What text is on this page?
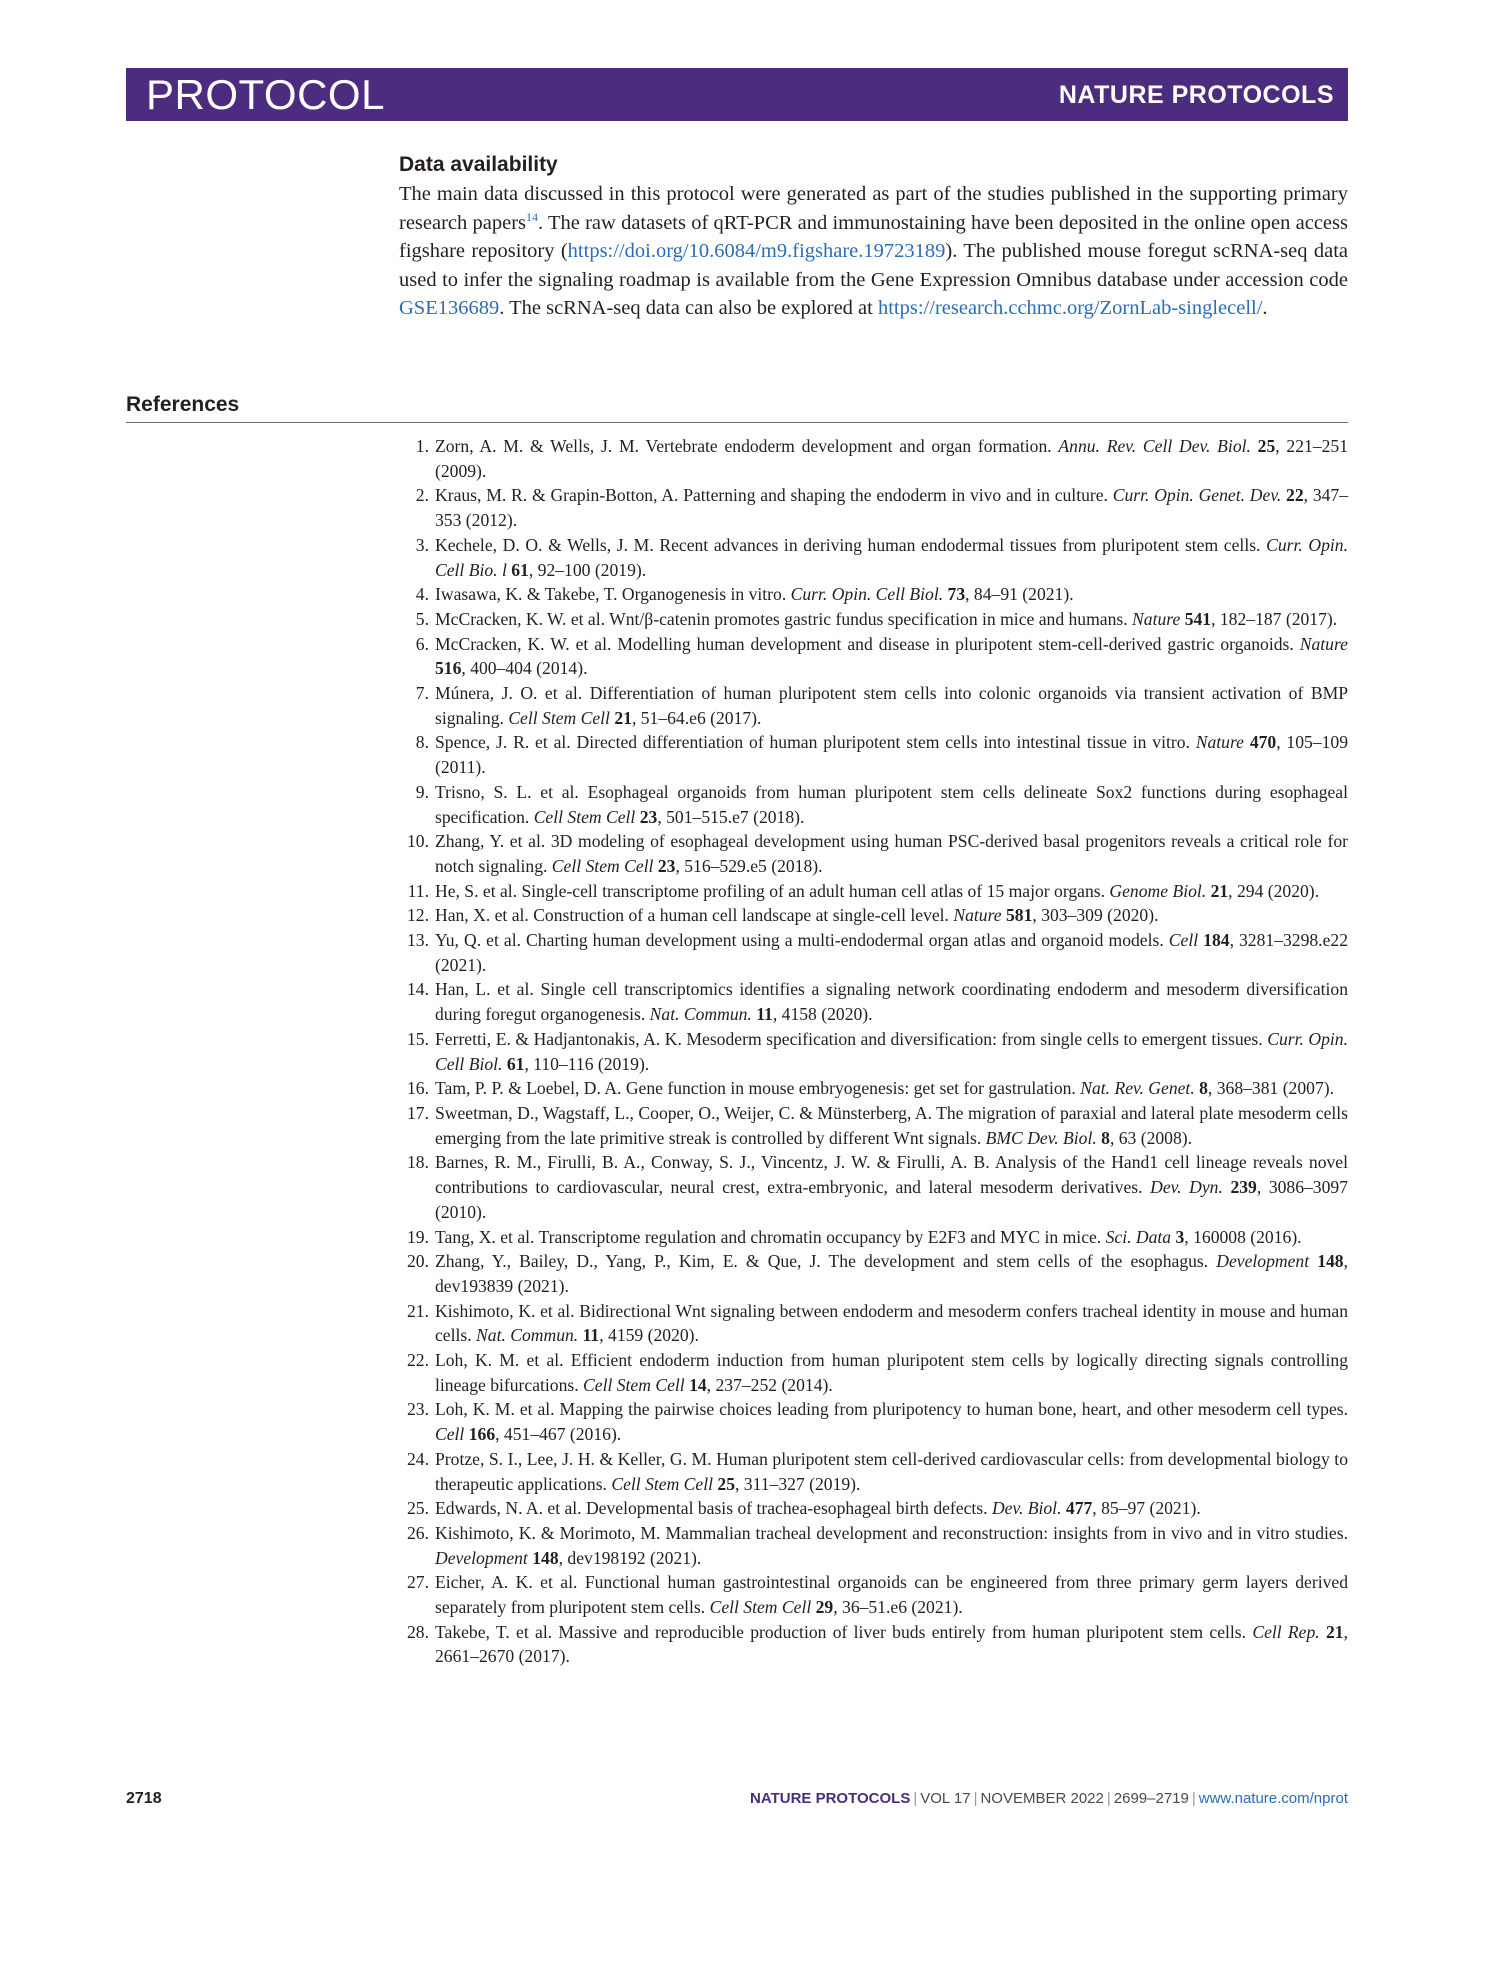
PROTOCOL	NATURE PROTOCOLS
Data availability

The main data discussed in this protocol were generated as part of the studies published in the supporting primary research papers$^{14}$. The raw datasets of qRT-PCR and immunostaining have been deposited in the online open access figshare repository (https://doi.org/10.6084/m9.figshare.19723189). The published mouse foregut scRNA-seq data used to infer the signaling roadmap is available from the Gene Expression Omnibus database under accession code GSE136689. The scRNA-seq data can also be explored at https://research.cchmc.org/ZornLab-singlecell/.

References
1. Zorn, A. M. & Wells, J. M. Vertebrate endoderm development and organ formation. Annu. Rev. Cell Dev. Biol. 25, 221–251 (2009).
2. Kraus, M. R. & Grapin-Botton, A. Patterning and shaping the endoderm in vivo and in culture. Curr. Opin. Genet. Dev. 22, 347–353 (2012).
3. Kechele, D. O. & Wells, J. M. Recent advances in deriving human endodermal tissues from pluripotent stem cells. Curr. Opin. Cell Bio. l 61, 92–100 (2019).
4. Iwasawa, K. & Takebe, T. Organogenesis in vitro. Curr. Opin. Cell Biol. 73, 84–91 (2021).
5. McCracken, K. W. et al. Wnt/β-catenin promotes gastric fundus specification in mice and humans. Nature 541, 182–187 (2017).
6. McCracken, K. W. et al. Modelling human development and disease in pluripotent stem-cell-derived gastric organoids. Nature 516, 400–404 (2014).
7. Múnera, J. O. et al. Differentiation of human pluripotent stem cells into colonic organoids via transient activation of BMP signaling. Cell Stem Cell 21, 51–64.e6 (2017).
8. Spence, J. R. et al. Directed differentiation of human pluripotent stem cells into intestinal tissue in vitro. Nature 470, 105–109 (2011).
9. Trisno, S. L. et al. Esophageal organoids from human pluripotent stem cells delineate Sox2 functions during esophageal specification. Cell Stem Cell 23, 501–515.e7 (2018).
10. Zhang, Y. et al. 3D modeling of esophageal development using human PSC-derived basal progenitors reveals a critical role for notch signaling. Cell Stem Cell 23, 516–529.e5 (2018).
11. He, S. et al. Single-cell transcriptome profiling of an adult human cell atlas of 15 major organs. Genome Biol. 21, 294 (2020).
12. Han, X. et al. Construction of a human cell landscape at single-cell level. Nature 581, 303–309 (2020).
13. Yu, Q. et al. Charting human development using a multi-endodermal organ atlas and organoid models. Cell 184, 3281–3298.e22 (2021).
14. Han, L. et al. Single cell transcriptomics identifies a signaling network coordinating endoderm and mesoderm diversification during foregut organogenesis. Nat. Commun. 11, 4158 (2020).
15. Ferretti, E. & Hadjantonakis, A. K. Mesoderm specification and diversification: from single cells to emergent tissues. Curr. Opin. Cell Biol. 61, 110–116 (2019).
16. Tam, P. P. & Loebel, D. A. Gene function in mouse embryogenesis: get set for gastrulation. Nat. Rev. Genet. 8, 368–381 (2007).
17. Sweetman, D., Wagstaff, L., Cooper, O., Weijer, C. & Münsterberg, A. The migration of paraxial and lateral plate mesoderm cells emerging from the late primitive streak is controlled by different Wnt signals. BMC Dev. Biol. 8, 63 (2008).
18. Barnes, R. M., Firulli, B. A., Conway, S. J., Vincentz, J. W. & Firulli, A. B. Analysis of the Hand1 cell lineage reveals novel contributions to cardiovascular, neural crest, extra-embryonic, and lateral mesoderm derivatives. Dev. Dyn. 239, 3086–3097 (2010).
19. Tang, X. et al. Transcriptome regulation and chromatin occupancy by E2F3 and MYC in mice. Sci. Data 3, 160008 (2016).
20. Zhang, Y., Bailey, D., Yang, P., Kim, E. & Que, J. The development and stem cells of the esophagus. Development 148, dev193839 (2021).
21. Kishimoto, K. et al. Bidirectional Wnt signaling between endoderm and mesoderm confers tracheal identity in mouse and human cells. Nat. Commun. 11, 4159 (2020).
22. Loh, K. M. et al. Efficient endoderm induction from human pluripotent stem cells by logically directing signals controlling lineage bifurcations. Cell Stem Cell 14, 237–252 (2014).
23. Loh, K. M. et al. Mapping the pairwise choices leading from pluripotency to human bone, heart, and other mesoderm cell types. Cell 166, 451–467 (2016).
24. Protze, S. I., Lee, J. H. & Keller, G. M. Human pluripotent stem cell-derived cardiovascular cells: from developmental biology to therapeutic applications. Cell Stem Cell 25, 311–327 (2019).
25. Edwards, N. A. et al. Developmental basis of trachea-esophageal birth defects. Dev. Biol. 477, 85–97 (2021).
26. Kishimoto, K. & Morimoto, M. Mammalian tracheal development and reconstruction: insights from in vivo and in vitro studies. Development 148, dev198192 (2021).
27. Eicher, A. K. et al. Functional human gastrointestinal organoids can be engineered from three primary germ layers derived separately from pluripotent stem cells. Cell Stem Cell 29, 36–51.e6 (2021).
28. Takebe, T. et al. Massive and reproducible production of liver buds entirely from human pluripotent stem cells. Cell Rep. 21, 2661–2670 (2017).
2718	NATURE PROTOCOLS | VOL 17 | NOVEMBER 2022 | 2699–2719 | www.nature.com/nprot
